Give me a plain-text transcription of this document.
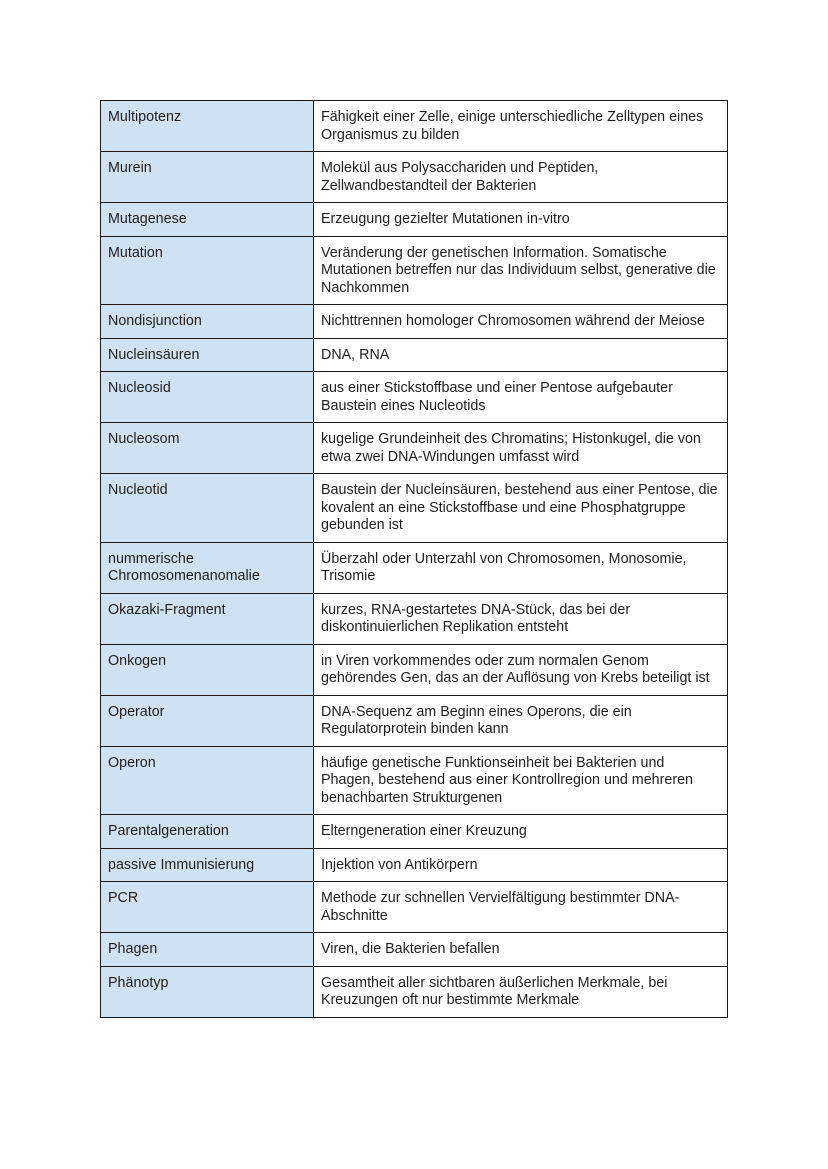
Multipotenz	Fähigkeit einer Zelle, einige unterschiedliche Zelltypen eines Organismus zu bilden
Murein	Molekül aus Polysacchariden und Peptiden, Zellwandbestandteil der Bakterien
Mutagenese	Erzeugung gezielter Mutationen in-vitro
Mutation	Veränderung der genetischen Information. Somatische Mutationen betreffen nur das Individuum selbst, generative die Nachkommen
Nondisjunction	Nichttrennen homologer Chromosomen während der Meiose
Nucleinsäuren	DNA, RNA
Nucleosid	aus einer Stickstoffbase und einer Pentose aufgebauter Baustein eines Nucleotids
Nucleosom	kugelige Grundeinheit des Chromatins; Histonkugel, die von etwa zwei DNA-Windungen umfasst wird
Nucleotid	Baustein der Nucleinsäuren, bestehend aus einer Pentose, die kovalent an eine Stickstoffbase und eine Phosphatgruppe gebunden ist
nummerische Chromosomenanomalie	Überzahl oder Unterzahl von Chromosomen, Monosomie, Trisomie
Okazaki-Fragment	kurzes, RNA-gestartetes DNA-Stück, das bei der diskontinuierlichen Replikation entsteht
Onkogen	in Viren vorkommendes oder zum normalen Genom gehörendes Gen, das an der Auflösung von Krebs beteiligt ist
Operator	DNA-Sequenz am Beginn eines Operons, die ein Regulatorprotein binden kann
Operon	häufige genetische Funktionseinheit bei Bakterien und Phagen, bestehend aus einer Kontrollregion und mehreren benachbarten Strukturgenen
Parentalgeneration	Elterngeneration einer Kreuzung
passive Immunisierung	Injektion von Antikörpern
PCR	Methode zur schnellen Vervielfältigung bestimmter DNA-Abschnitte
Phagen	Viren, die Bakterien befallen
Phänotyp	Gesamtheit aller sichtbaren äußerlichen Merkmale, bei Kreuzungen oft nur bestimmte Merkmale
